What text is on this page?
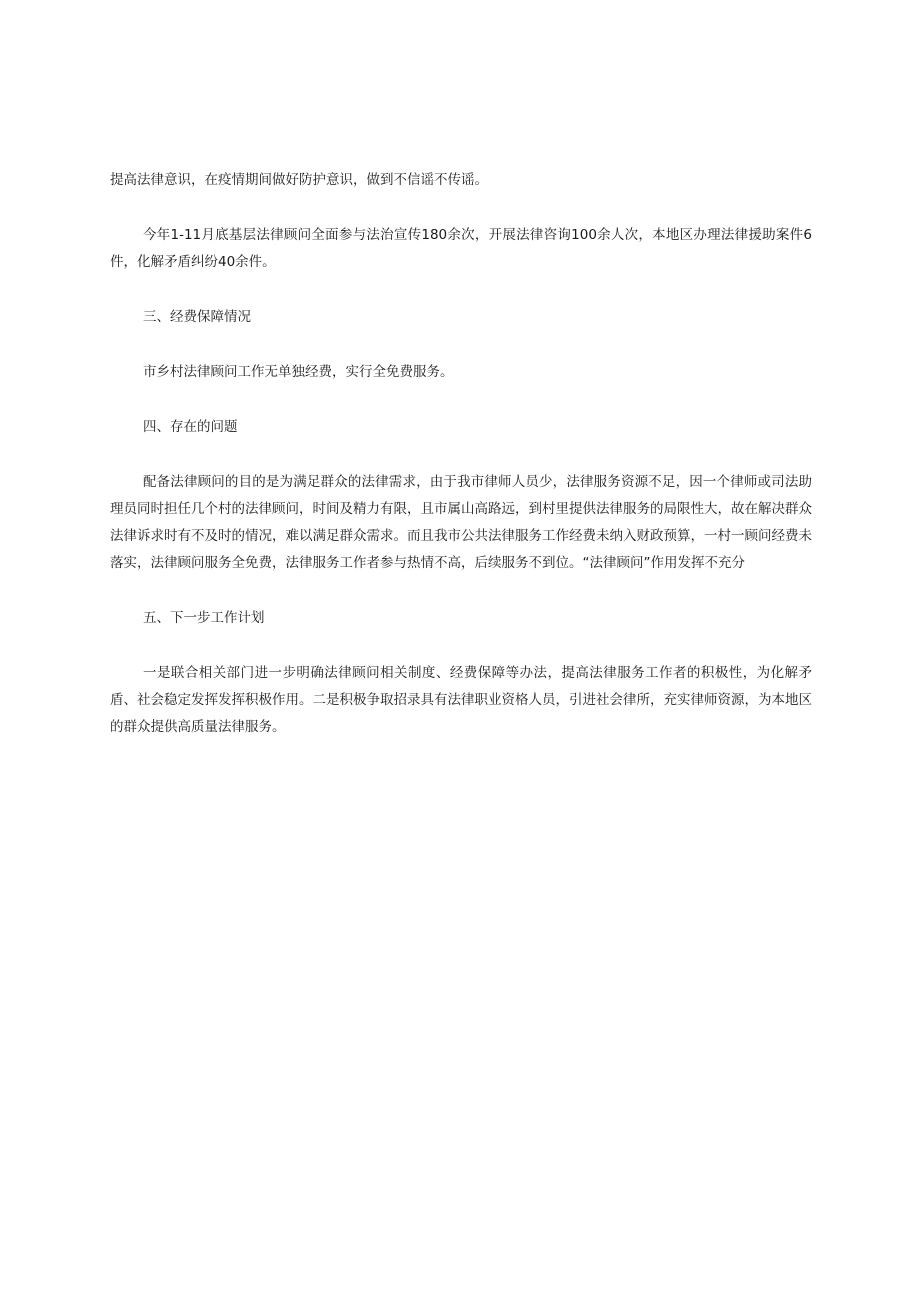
提高法律意识，在疫情期间做好防护意识，做到不信谣不传谣。

今年1-11月底基层法律顾问全面参与法治宣传180余次，开展法律咨询100余人次，本地区办理法律援助案件6件，化解矛盾纠纷40余件。

三、经费保障情况

市乡村法律顾问工作无单独经费，实行全免费服务。

四、存在的问题

配备法律顾问的目的是为满足群众的法律需求，由于我市律师人员少，法律服务资源不足，因一个律师或司法助理员同时担任几个村的法律顾问，时间及精力有限，且市属山高路远，到村里提供法律服务的局限性大，故在解决群众法律诉求时有不及时的情况，难以满足群众需求。而且我市公共法律服务工作经费未纳入财政预算，一村一顾问经费未落实，法律顾问服务全免费，法律服务工作者参与热情不高，后续服务不到位。“法律顾问”作用发挥不充分

五、下一步工作计划

一是联合相关部门进一步明确法律顾问相关制度、经费保障等办法，提高法律服务工作者的积极性，为化解矛盾、社会稳定发挥发挥积极作用。二是积极争取招录具有法律职业资格人员，引进社会律所，充实律师资源，为本地区的群众提供高质量法律服务。
